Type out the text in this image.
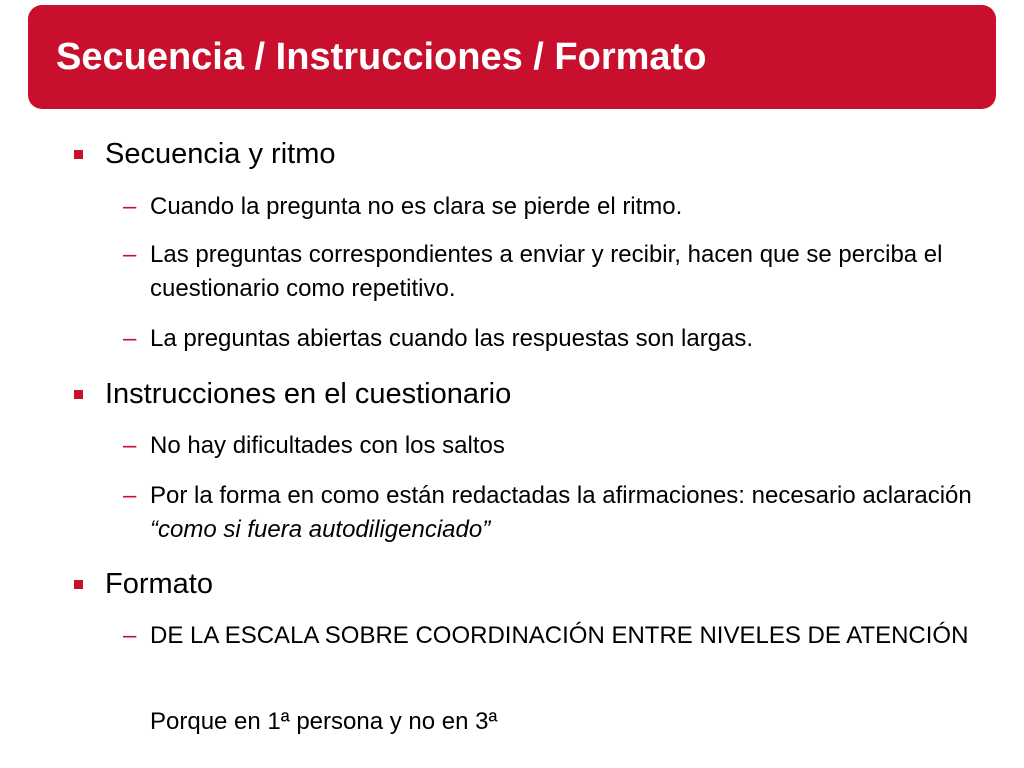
Secuencia / Instrucciones / Formato
Secuencia y ritmo
– Cuando la pregunta no es clara se pierde el ritmo.
– Las preguntas correspondientes a enviar y recibir, hacen que se perciba el cuestionario como repetitivo.
– La preguntas abiertas cuando las respuestas son largas.
Instrucciones en el cuestionario
– No hay dificultades con los saltos
– Por la forma en como están redactadas la afirmaciones: necesario aclaración “como si fuera autodiligenciado”
Formato
– DE LA ESCALA SOBRE COORDINACIÓN ENTRE NIVELES DE ATENCIÓN
Porque en 1ª persona y no en 3ª
